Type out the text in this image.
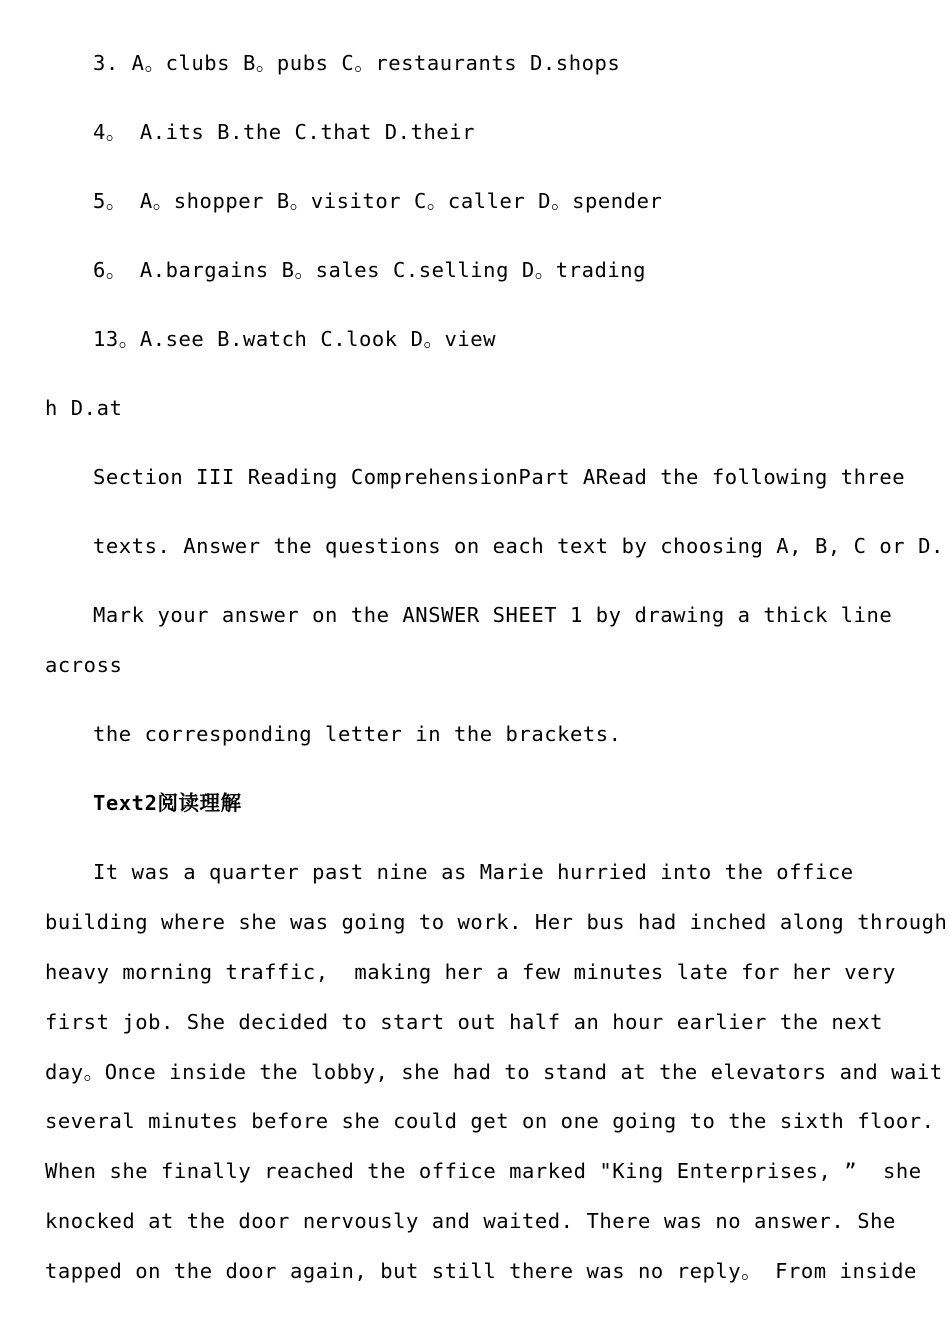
3. A。clubs B。pubs C。restaurants D.shops
4。 A.its B.the C.that D.their
5。 A。shopper B。visitor C。caller D。spender
6。 A.bargains B。sales C.selling D。trading
13。A.see B.watch C.look D。view
h D.at
Section III Reading ComprehensionPart ARead the following three
texts. Answer the questions on each text by choosing A, B, C or D.
Mark your answer on the ANSWER SHEET 1 by drawing a thick line
across
the corresponding letter in the brackets.
Text2阅读理解
It was a quarter past nine as Marie hurried into the office
building where she was going to work. Her bus had inched along through
heavy morning traffic,  making her a few minutes late for her very
first job. She decided to start out half an hour earlier the next
day。Once inside the lobby, she had to stand at the elevators and wait
several minutes before she could get on one going to the sixth floor.
When she finally reached the office marked "King Enterprises, ”  she
knocked at the door nervously and waited. There was no answer. She
tapped on the door again, but still there was no reply。 From inside
